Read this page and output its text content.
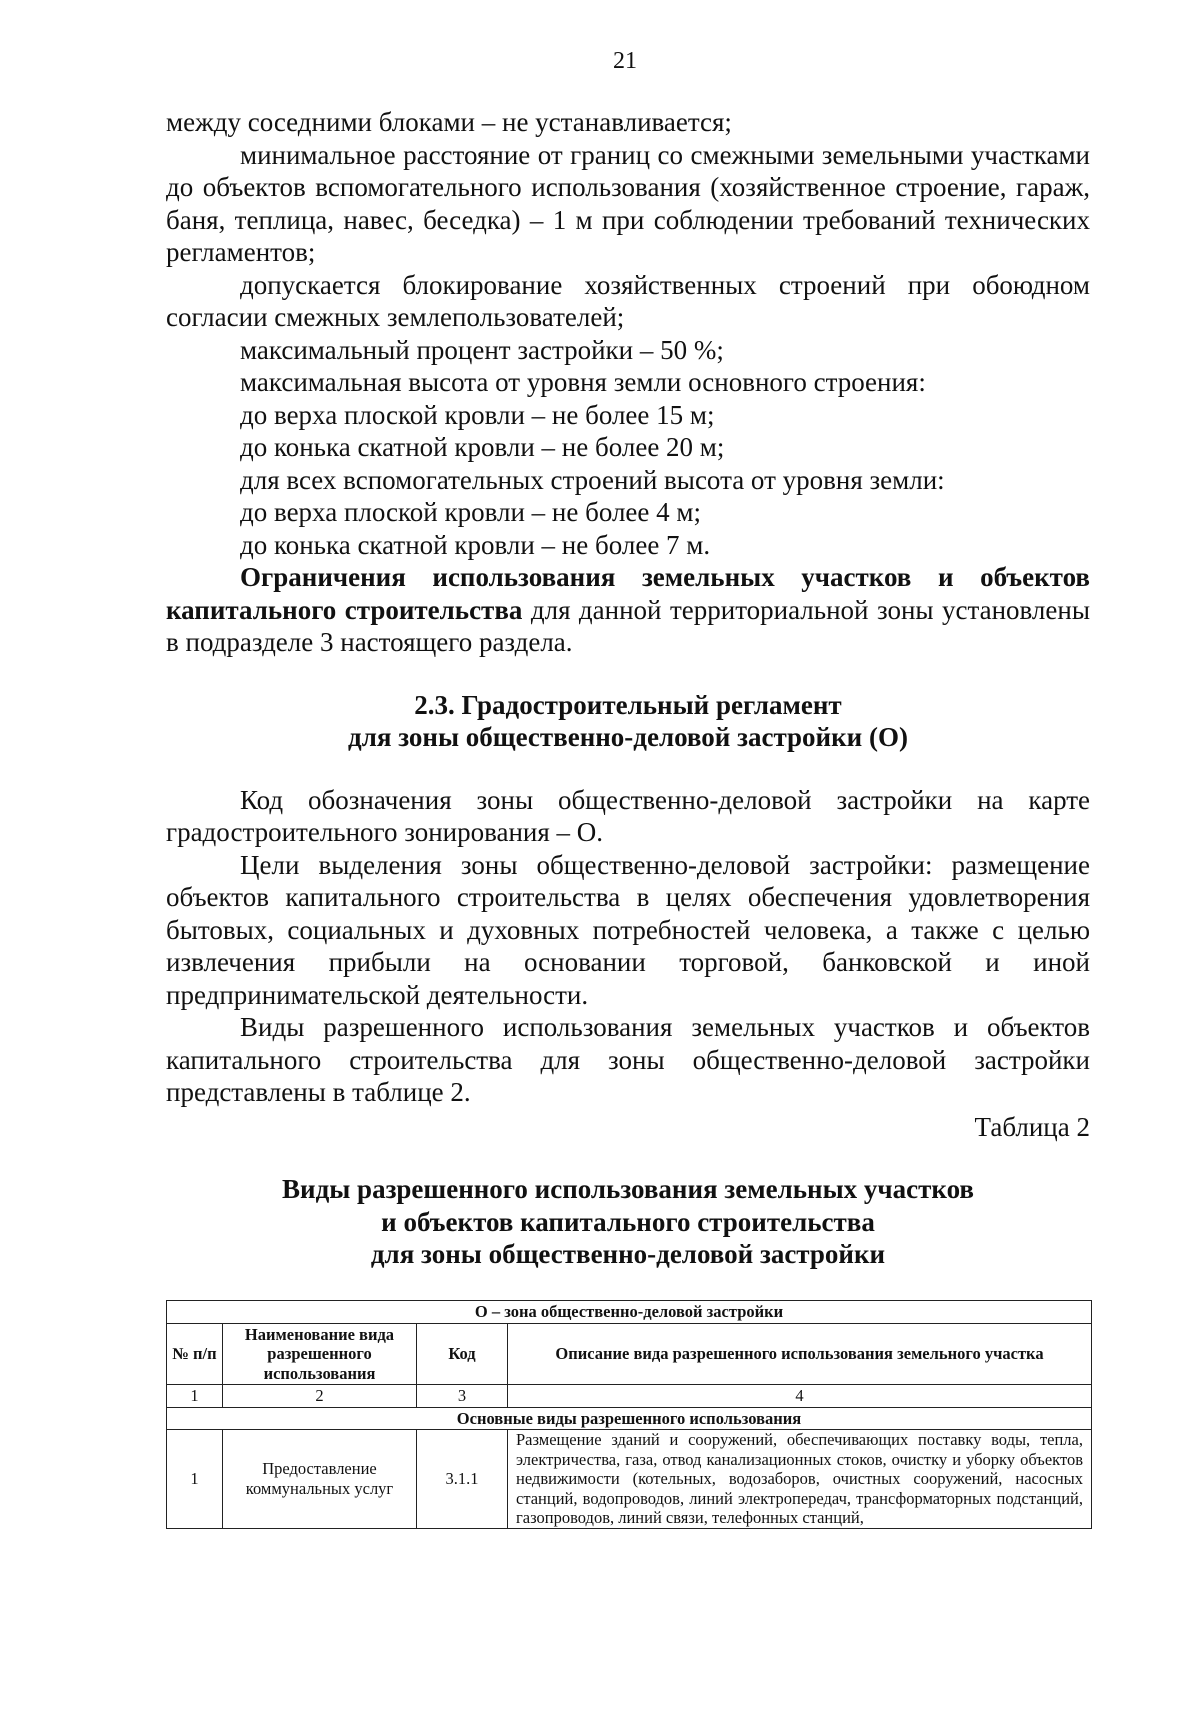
21

между соседними блоками – не устанавливается;

минимальное расстояние от границ со смежными земельными участками до объектов вспомогательного использования (хозяйственное строение, гараж, баня, теплица, навес, беседка) – 1 м при соблюдении требований технических регламентов;

допускается блокирование хозяйственных строений при обоюдном согласии смежных землепользователей;

максимальный процент застройки – 50 %;

максимальная высота от уровня земли основного строения:

до верха плоской кровли – не более 15 м;

до конька скатной кровли – не более 20 м;

для всех вспомогательных строений высота от уровня земли:

до верха плоской кровли – не более 4 м;

до конька скатной кровли – не более 7 м.

Ограничения использования земельных участков и объектов капитального строительства для данной территориальной зоны установлены в подразделе 3 настоящего раздела.

2.3. Градостроительный регламент
для зоны общественно-деловой застройки (О)

Код обозначения зоны общественно-деловой застройки на карте градостроительного зонирования – О.

Цели выделения зоны общественно-деловой застройки: размещение объектов капитального строительства в целях обеспечения удовлетворения бытовых, социальных и духовных потребностей человека, а также с целью извлечения прибыли на основании торговой, банковской и иной предпринимательской деятельности.

Виды разрешенного использования земельных участков и объектов капитального строительства для зоны общественно-деловой застройки представлены в таблице 2.

Таблица 2

Виды разрешенного использования земельных участков
и объектов капитального строительства
для зоны общественно-деловой застройки

О – зона общественно-деловой застройки			
№ п/п	Наименование вида разрешенного использования	Код	Описание вида разрешенного использования земельного участка
1	2	3	4
Основные виды разрешенного использования			
1	Предоставление коммунальных услуг	3.1.1	Размещение зданий и сооружений, обеспечивающих поставку воды, тепла, электричества, газа, отвод канализационных стоков, очистку и уборку объектов недвижимости (котельных, водозаборов, очистных сооружений, насосных станций, водопроводов, линий электропередач, трансформаторных подстанций, газопроводов, линий связи, телефонных станций,
